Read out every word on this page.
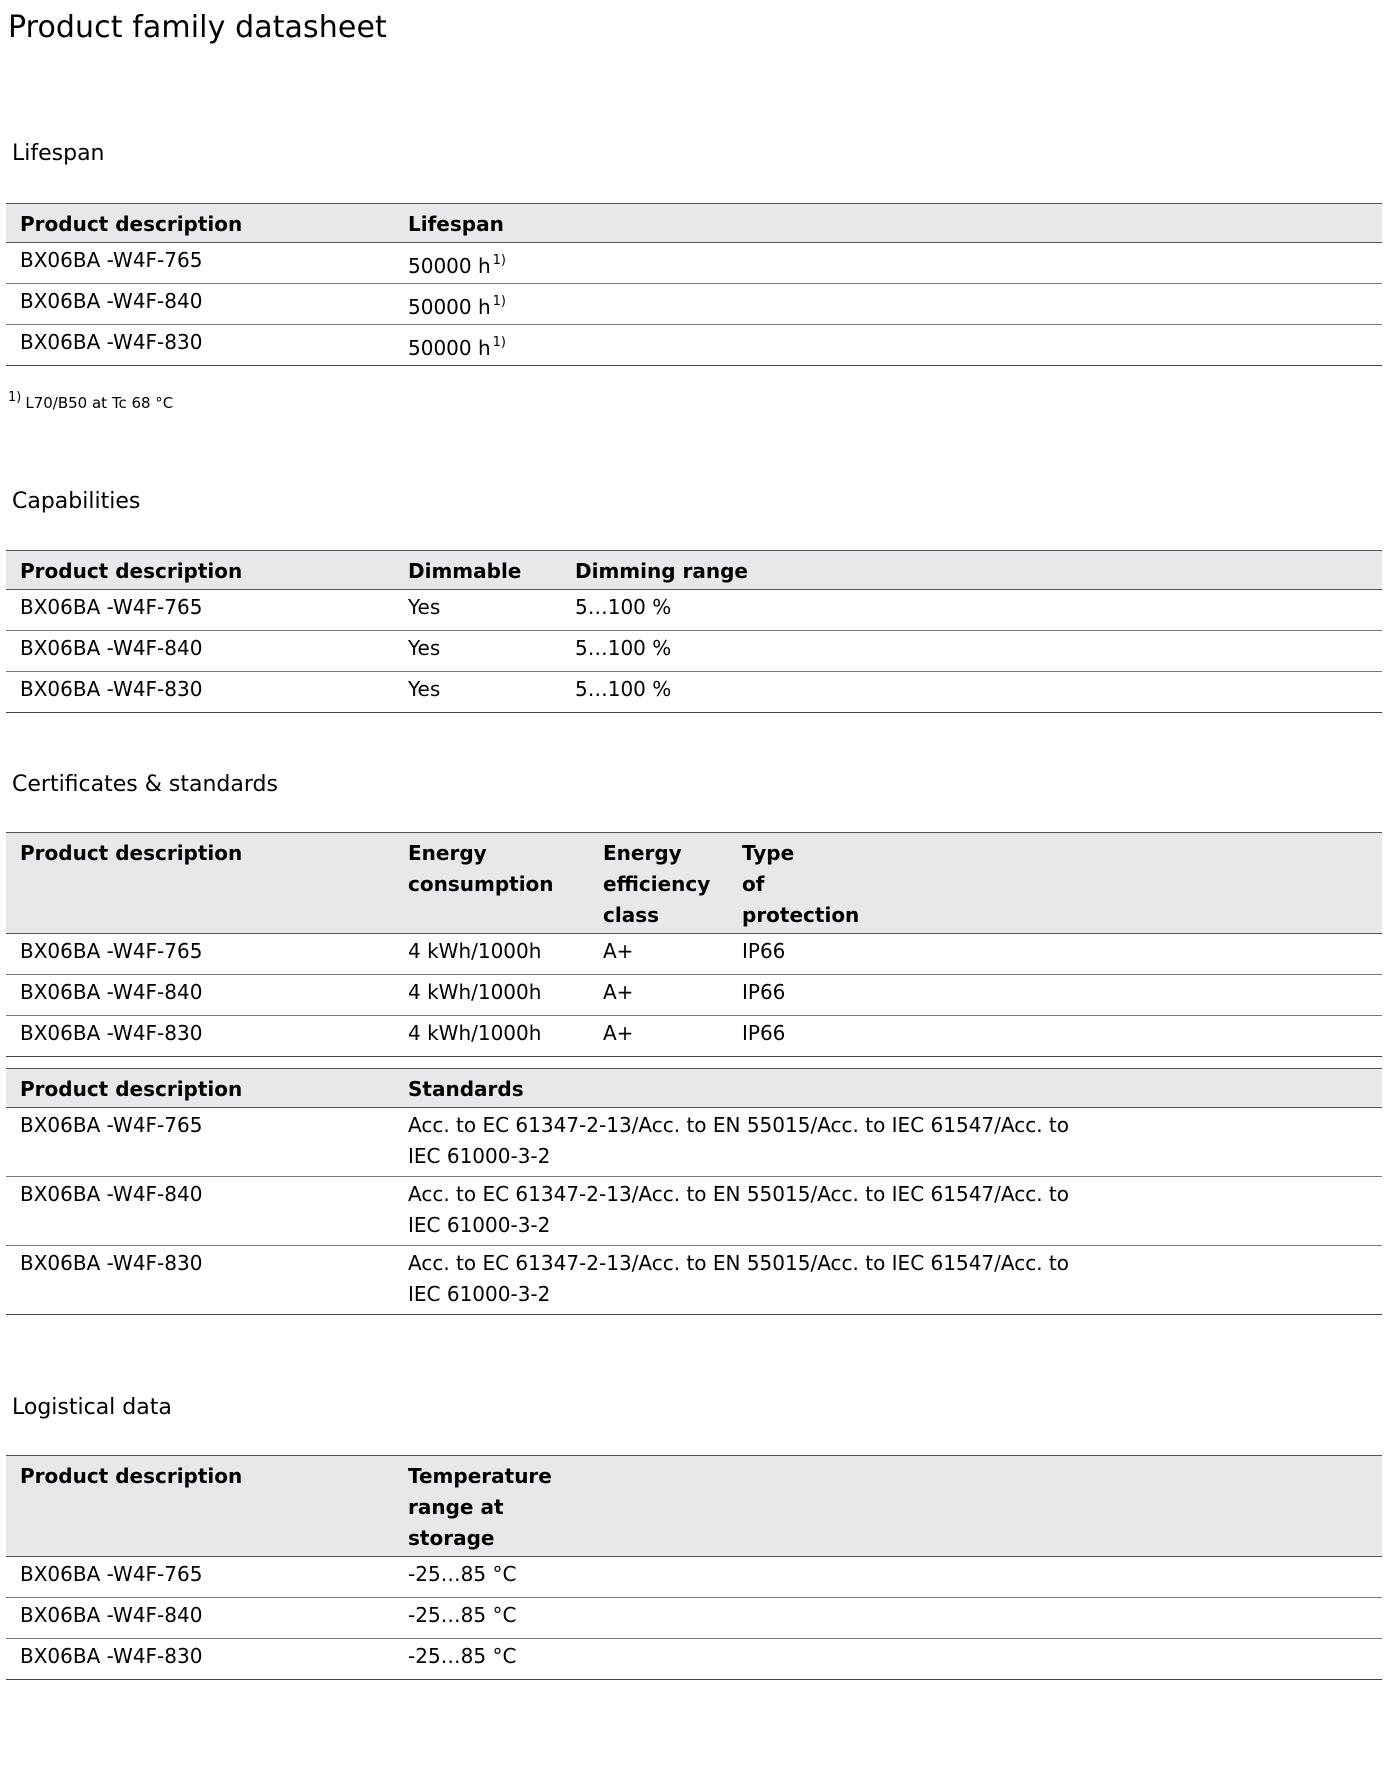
Product family datasheet
Lifespan
Product description	Lifespan
BX06BA -W4F-765	50000 h $^{1)}$
BX06BA -W4F-840	50000 h $^{1)}$
BX06BA -W4F-830	50000 h $^{1)}$
$^{1)}$ L70/B50 at Tc 68 °C
Capabilities
Product description	Dimmable	Dimming range
BX06BA -W4F-765	Yes	5…100 %
BX06BA -W4F-840	Yes	5…100 %
BX06BA -W4F-830	Yes	5…100 %
Certificates & standards
Product description	Energy consumption	Energy efficiency class	Type of protection
BX06BA -W4F-765	4 kWh/1000h	A+	IP66
BX06BA -W4F-840	4 kWh/1000h	A+	IP66
BX06BA -W4F-830	4 kWh/1000h	A+	IP66
Product description	Standards	
BX06BA -W4F-765	Acc. to EC 61347-2-13/Acc. to EN 55015/Acc. to IEC 61547/Acc. to IEC 61000-3-2	
BX06BA -W4F-840	Acc. to EC 61347-2-13/Acc. to EN 55015/Acc. to IEC 61547/Acc. to IEC 61000-3-2	
BX06BA -W4F-830	Acc. to EC 61347-2-13/Acc. to EN 55015/Acc. to IEC 61547/Acc. to IEC 61000-3-2	
Logistical data
Product description	Temperature range at storage	
BX06BA -W4F-765	-25…85 °C	
BX06BA -W4F-840	-25…85 °C	
BX06BA -W4F-830	-25…85 °C	
